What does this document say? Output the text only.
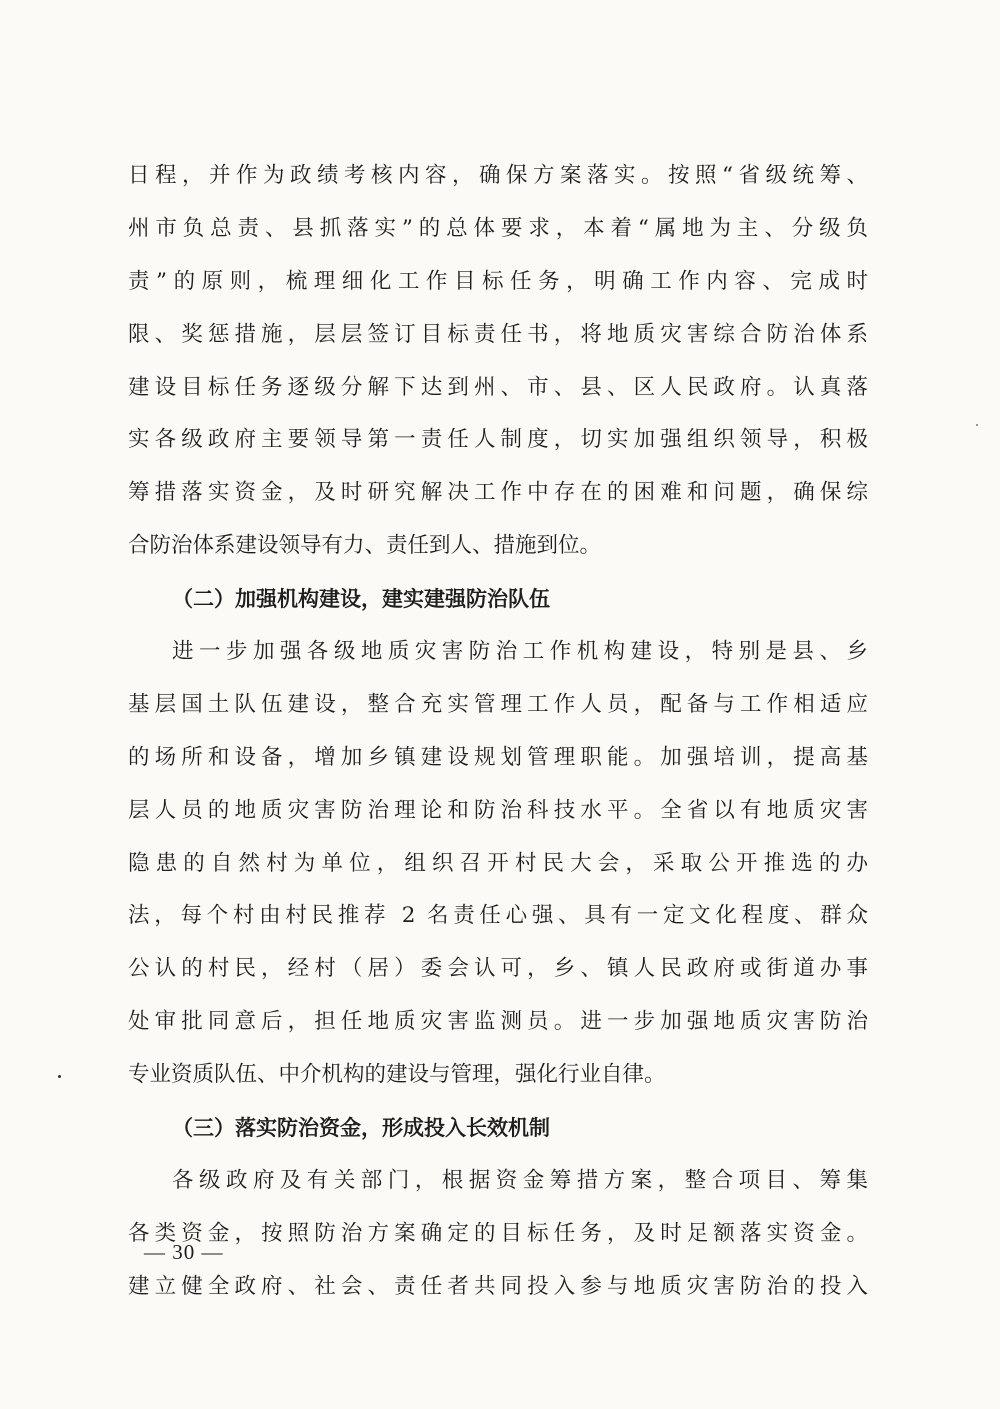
日程，并作为政绩考核内容，确保方案落实。按照“省级统筹、
州市负总责、县抓落实”的总体要求，本着“属地为主、分级负
责”的原则，梳理细化工作目标任务，明确工作内容、完成时
限、奖惩措施，层层签订目标责任书，将地质灾害综合防治体系
建设目标任务逐级分解下达到州、市、县、区人民政府。认真落
实各级政府主要领导第一责任人制度，切实加强组织领导，积极
筹措落实资金，及时研究解决工作中存在的困难和问题，确保综
合防治体系建设领导有力、责任到人、措施到位。
（二）加强机构建设，建实建强防治队伍
进一步加强各级地质灾害防治工作机构建设，特别是县、乡
基层国土队伍建设，整合充实管理工作人员，配备与工作相适应
的场所和设备，增加乡镇建设规划管理职能。加强培训，提高基
层人员的地质灾害防治理论和防治科技水平。全省以有地质灾害
隐患的自然村为单位，组织召开村民大会，采取公开推选的办
法，每个村由村民推荐 2 名责任心强、具有一定文化程度、群众
公认的村民，经村（居）委会认可，乡、镇人民政府或街道办事
处审批同意后，担任地质灾害监测员。进一步加强地质灾害防治
专业资质队伍、中介机构的建设与管理，强化行业自律。
（三）落实防治资金，形成投入长效机制
各级政府及有关部门，根据资金筹措方案，整合项目、筹集
各类资金，按照防治方案确定的目标任务，及时足额落实资金。
建立健全政府、社会、责任者共同投入参与地质灾害防治的投入
— 30 —
